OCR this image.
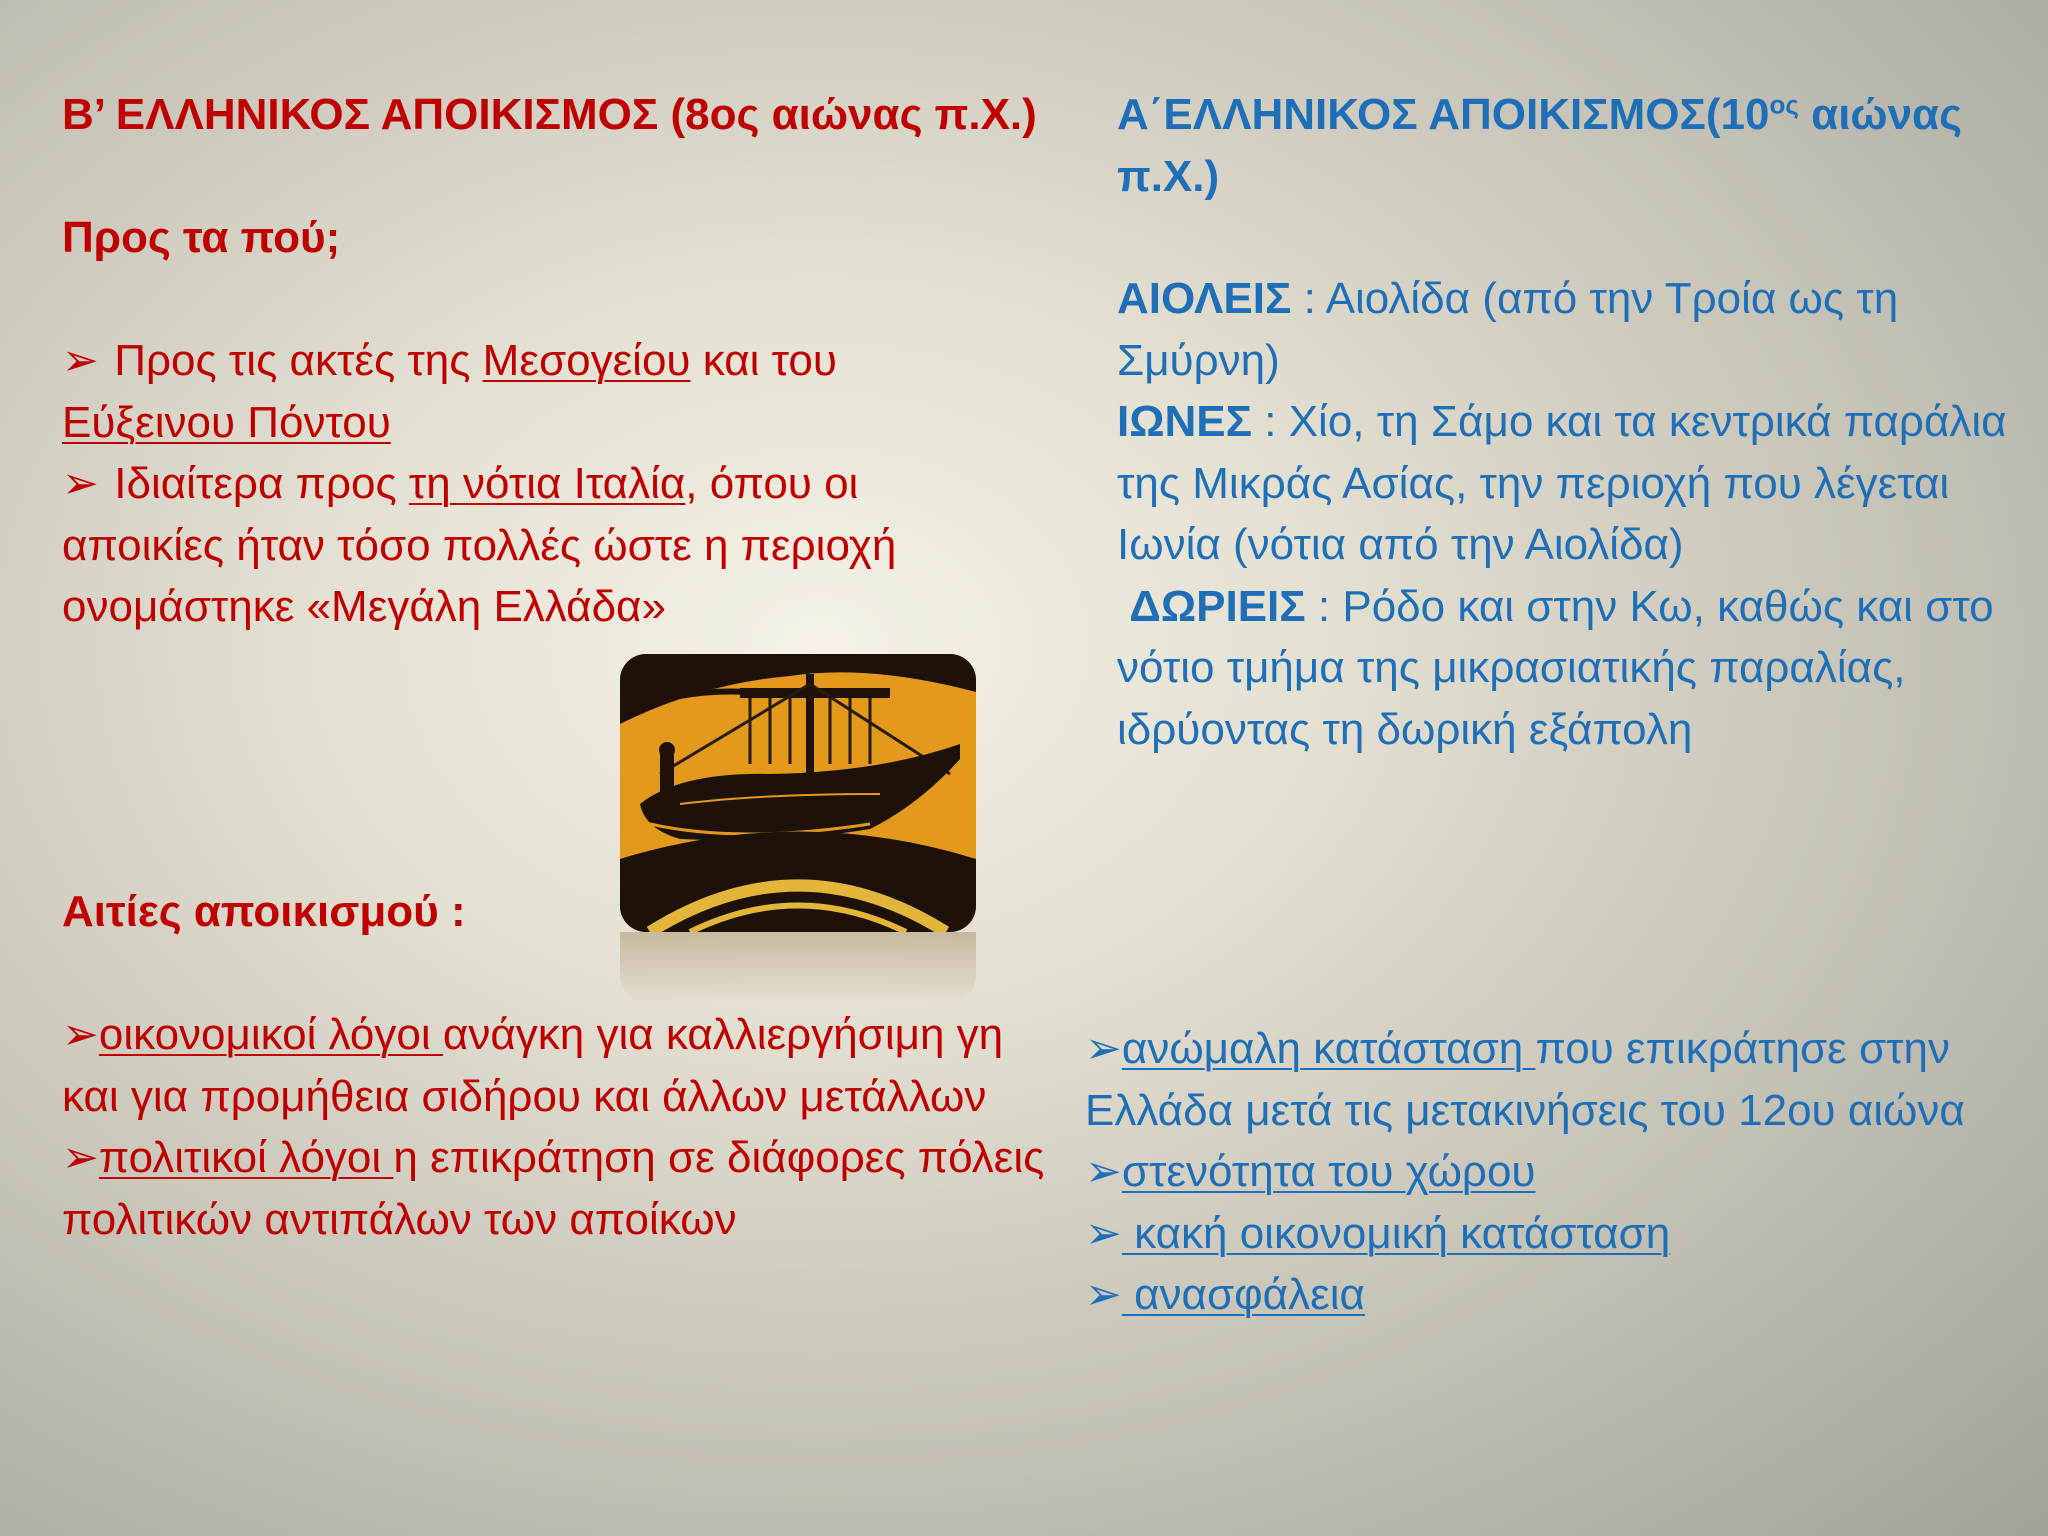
Β’ ΕΛΛΗΝΙΚΟΣ ΑΠΟΙΚΙΣΜΟΣ (8ος αιώνας π.Χ.)
Προς τα πού;

➢ Προς τις ακτές της Μεσογείου και του
Εύξεινου Πόντου

➢ Ιδιαίτερα προς τη νότια Ιταλία, όπου οι αποικίες ήταν τόσο πολλές ώστε η περιοχή ονομάστηκε «Μεγάλη Ελλάδα»

Αιτίες αποικισμού :

➢οικονομικοί λόγοι ανάγκη για καλλιεργήσιμη γη και για προμήθεια σιδήρου και άλλων μετάλλων

➢πολιτικοί λόγοι η επικράτηση σε διάφορες πόλεις πολιτικών αντιπάλων των αποίκων

Α΄ΕΛΛΗΝΙΚΟΣ $A\Pi OIKI\Sigma MO\Sigma(10^{o\varsigma}$ αιώνας π.Χ.)

ΑΙΟΛΕΙΣ : Αιολίδα (από την Τροία ως τη Σμύρνη)

ΙΩΝΕΣ : Χίο, τη Σάμο και τα κεντρικά παράλια της Μικράς Ασίας, την περιοχή που λέγεται Ιωνία (νότια από την Αιολίδα)

ΔΩΡΙΕΙΣ : Ρόδο και στην Κω, καθώς και στο νότιο τμήμα της μικρασιατικής παραλίας, ιδρύοντας τη δωρική εξάπολη

➢ανώμαλη κατάσταση που επικράτησε στην Ελλάδα μετά τις μετακινήσεις του 12ου αιώνα

➢στενότητα του χώρου

➢ κακή οικονομική κατάσταση

➢ ανασφάλεια
